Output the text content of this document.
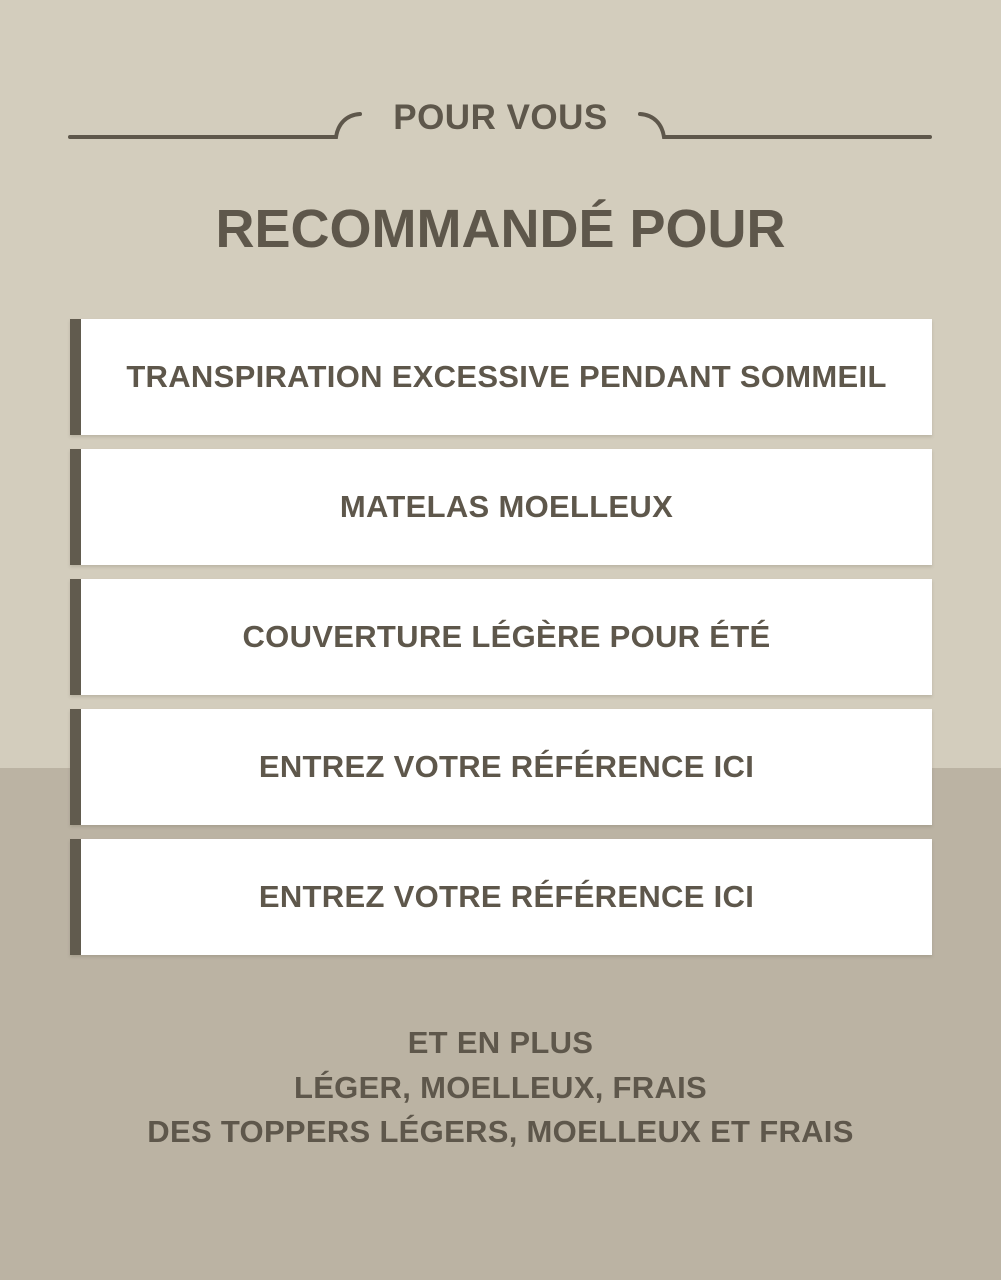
POUR VOUS
RECOMMANDÉ POUR
TRANSPIRATION EXCESSIVE PENDANT SOMMEIL
MATELAS MOELLEUX
COUVERTURE LÉGÈRE POUR ÉTÉ
ENTREZ VOTRE RÉFÉRENCE ICI
ENTREZ VOTRE RÉFÉRENCE ICI
ET EN PLUS
LÉGER, MOELLEUX, FRAIS
DES TOPPERS LÉGERS, MOELLEUX ET FRAIS
